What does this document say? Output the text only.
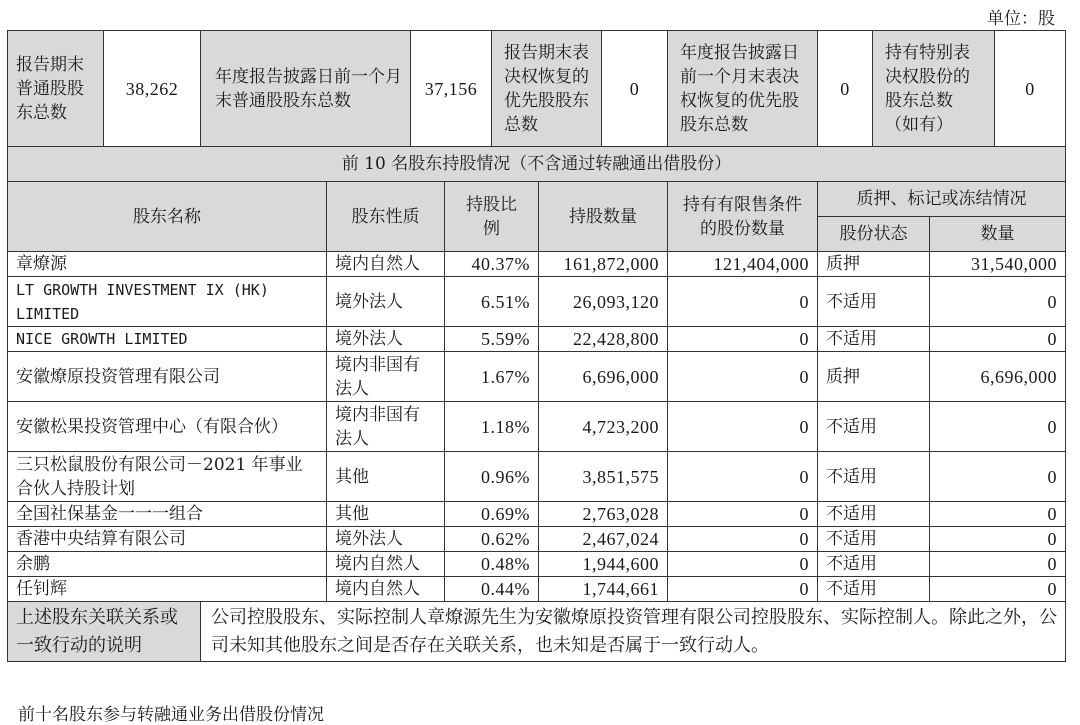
单位：股
报告期末普通股股东总数	38,262	年度报告披露日前一个月末普通股股东总数		37,156		报告期末表决权恢复的优先股股东总数		0	年度报告披露日前一个月末表决权恢复的优先股股东总数	0	持有特别表决权股份的股东总数（如有）		0
前 10 名股东持股情况（不含通过转融通出借股份）													
股东名称			股东性质		持股比例		持股数量		持有有限售条件的股份数量	质押、标记或冻结情况			
										股份状态		数量	
章燎源			境内自然人		40.37%		161,872,000		121,404,000	质押		31,540,000	
LT GROWTH INVESTMENT IX (HK) LIMITED			境外法人		6.51%		26,093,120		0	不适用		0	
NICE GROWTH LIMITED			境外法人		5.59%		22,428,800		0	不适用		0	
安徽燎原投资管理有限公司			境内非国有法人		1.67%		6,696,000		0	质押		6,696,000	
安徽松果投资管理中心（有限合伙）			境内非国有法人		1.18%		4,723,200		0	不适用		0	
三只松鼠股份有限公司－2021 年事业合伙人持股计划			其他		0.96%		3,851,575		0	不适用		0	
全国社保基金一一一组合			其他		0.69%		2,763,028		0	不适用		0	
香港中央结算有限公司			境外法人		0.62%		2,467,024		0	不适用		0	
余鹏			境内自然人		0.48%		1,944,600		0	不适用		0	
任钊辉			境内自然人		0.44%		1,744,661		0	不适用		0	
上述股东关联关系或一致行动的说明		公司控股股东、实际控制人章燎源先生为安徽燎原投资管理有限公司控股股东、实际控制人。除此之外，公司未知其他股东之间是否存在关联关系，也未知是否属于一致行动人。											
前十名股东参与转融通业务出借股份情况
